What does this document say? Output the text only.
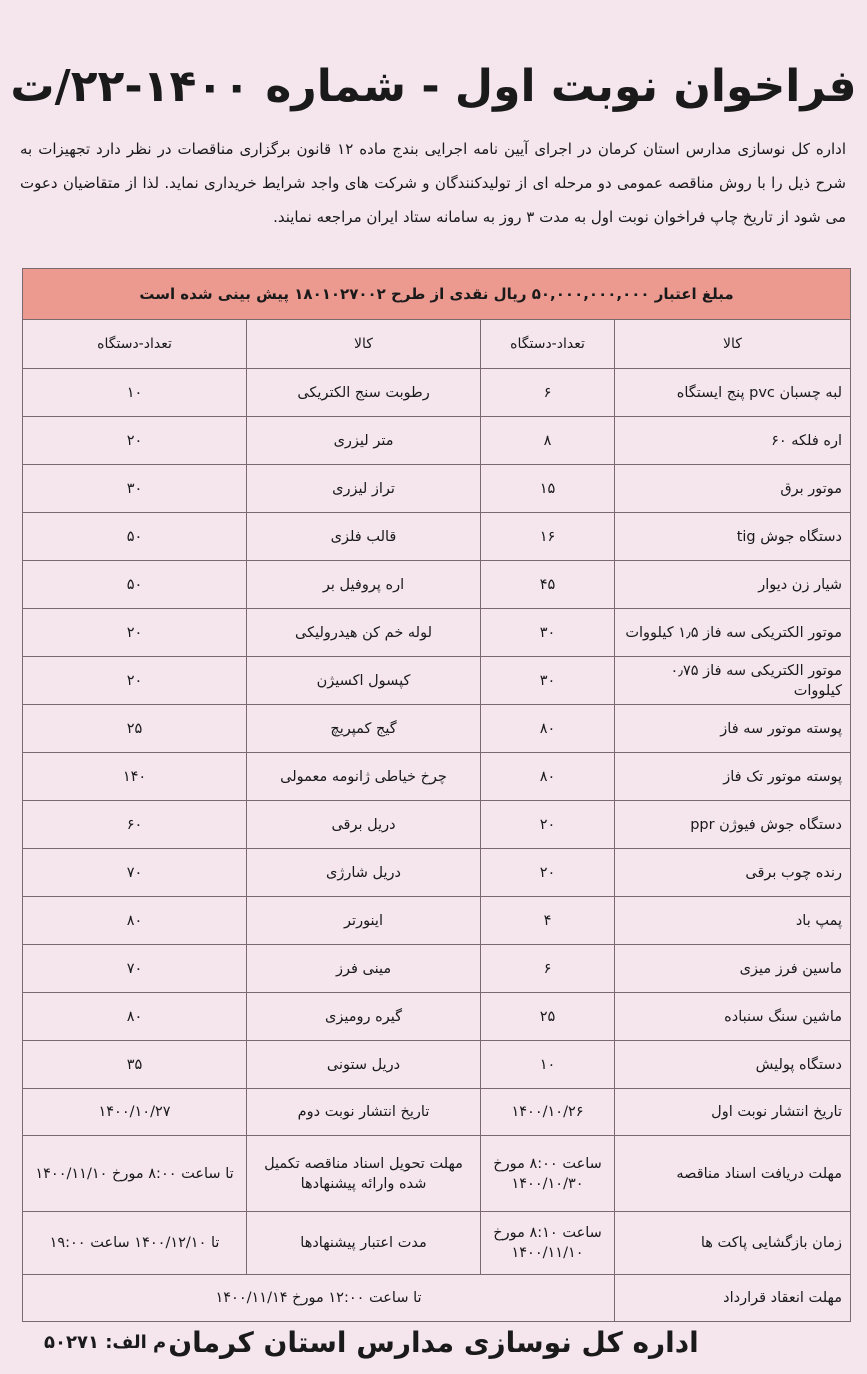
فراخوان نوبت اول - شماره ۱۴۰۰-۲۲/ت
اداره کل نوسازی مدارس استان کرمان در اجرای آیین نامه اجرایی بندج ماده ۱۲ قانون برگزاری مناقصات در نظر دارد تجهیزات به شرح ذیل را با روش مناقصه عمومی دو مرحله ای از تولیدکنندگان و شرکت های واجد شرایط خریداری نماید. لذا از متقاضیان دعوت می شود از تاریخ چاپ فراخوان نوبت اول به مدت ۳ روز به سامانه ستاد ایران مراجعه نمایند.
مبلغ اعتبار ۵۰,۰۰۰,۰۰۰,۰۰۰ ریال نقدی از طرح ۱۸۰۱۰۲۷۰۰۲ پیش بینی شده است			
کالا	تعداد-دستگاه	کالا	تعداد-دستگاه
لبه چسبان pvc پنج ایستگاه	۶	رطوبت سنج الکتریکی	۱۰
اره فلکه ۶۰	۸	متر لیزری	۲۰
موتور برق	۱۵	تراز لیزری	۳۰
دستگاه جوش tig	۱۶	قالب فلزی	۵۰
شیار زن دیوار	۴۵	اره پروفیل بر	۵۰
موتور الکتریکی سه فاز ۱٫۵ کیلووات	۳۰	لوله خم کن هیدرولیکی	۲۰
موتور الکتریکی سه فاز ۰٫۷۵ کیلووات	۳۰	کپسول اکسیژن	۲۰
پوسته موتور سه فاز	۸۰	گیج کمپریچ	۲۵
پوسته موتور تک فاز	۸۰	چرخ خیاطی ژانومه معمولی	۱۴۰
دستگاه جوش فیوژن ppr	۲۰	دریل برقی	۶۰
رنده چوب برقی	۲۰	دریل شارژی	۷۰
پمپ باد	۴	اینورتر	۸۰
ماسین فرز میزی	۶	مینی فرز	۷۰
ماشین سنگ سنباده	۲۵	گیره رومیزی	۸۰
دستگاه پولیش	۱۰	دریل ستونی	۳۵
تاریخ انتشار نوبت اول	۱۴۰۰/۱۰/۲۶	تاریخ انتشار نوبت دوم	۱۴۰۰/۱۰/۲۷
مهلت دریافت اسناد مناقصه	ساعت ۸:۰۰ مورخ ۱۴۰۰/۱۰/۳۰	مهلت تحویل اسناد مناقصه تکمیل شده وارائه پیشنهادها	تا ساعت ۸:۰۰ مورخ ۱۴۰۰/۱۱/۱۰
زمان بازگشایی پاکت ها	ساعت ۸:۱۰ مورخ ۱۴۰۰/۱۱/۱۰	مدت اعتبار پیشنهادها	تا ۱۴۰۰/۱۲/۱۰ ساعت ۱۹:۰۰
مهلت انعقاد قرارداد	تا ساعت ۱۲:۰۰ مورخ ۱۴۰۰/۱۱/۱۴		
اداره کل نوسازی مدارس استان کرمان
م الف: ۵۰۲۷۱
